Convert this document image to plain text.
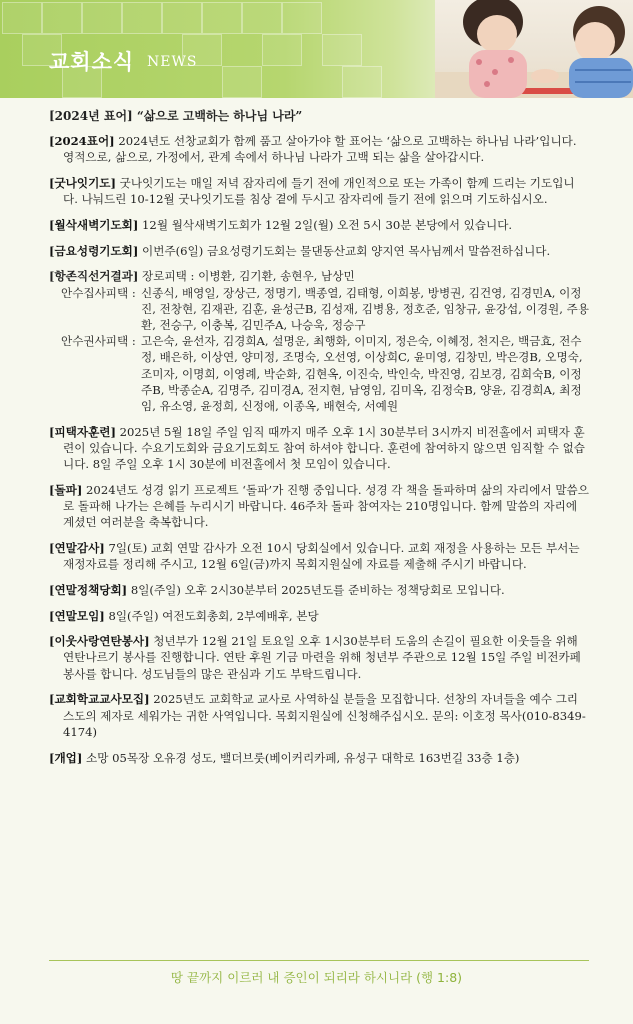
교회소식 NEWS
[2024년 표어] “삶으로 고백하는 하나님 나라”

[2024표어] 2024년도 선창교회가 함께 품고 살아가야 할 표어는 ‘삶으로 고백하는 하나님 나라’입니다. 영적으로, 삶으로, 가정에서, 관계 속에서 하나님 나라가 고백 되는 삶을 살아갑시다.

[굿나잇기도] 굿나잇기도는 매일 저녁 잠자리에 들기 전에 개인적으로 또는 가족이 함께 드리는 기도입니다. 나눠드린 10-12월 굿나잇기도를 침상 곁에 두시고 잠자리에 들기 전에 읽으며 기도하십시오.

[월삭새벽기도회] 12월 월삭새벽기도회가 12월 2일(월) 오전 5시 30분 본당에서 있습니다.

[금요성령기도회] 이번주(6일) 금요성령기도회는 물댄동산교회 양지연 목사님께서 말씀전하십니다.

[항존직선거결과] 장로피택 : 이병환, 김기환, 송현우, 남상민
안수집사피택 : 신종식, 배영일, 장상근, 정명기, 백종열, 김태형, 이희봉, 방병권, 김건영, 김경민A, 이정진, 전창현, 김재관, 김훈, 윤성근B, 김성재, 김병용, 정호준, 임창규, 윤강섭, 이경원, 주용환, 전승구, 이충복, 김민주A, 나승욱, 정승구
안수권사피택 : 고은숙, 윤선자, 김경희A, 설명운, 최행화, 이미지, 정은숙, 이혜정, 천지은, 백금효, 전수정, 배은하, 이상연, 양미정, 조명숙, 오선영, 이상희C, 윤미영, 김창민, 박은경B, 오명숙, 조미자, 이명희, 이영례, 박순화, 김현옥, 이진숙, 박인숙, 박진영, 김보경, 김희숙B, 이정주B, 박종순A, 김명주, 김미경A, 전지현, 남영임, 김미옥, 김정숙B, 양윤, 김경희A, 최정임, 유소영, 윤정희, 신정애, 이종옥, 배현숙, 서예원

[피택자훈련] 2025년 5월 18일 주일 임직 때까지 매주 오후 1시 30분부터 3시까지 비전홀에서 피택자 훈련이 있습니다. 수요기도회와 금요기도회도 참여 하셔야 합니다. 훈련에 참여하지 않으면 임직할 수 없습니다. 8일 주일 오후 1시 30분에 비전홀에서 첫 모임이 있습니다.

[돌파] 2024년도 성경 읽기 프로젝트 ‘돌파’가 진행 중입니다. 성경 각 책을 돌파하며 삶의 자리에서 말씀으로 돌파해 나가는 은혜를 누리시기 바랍니다. 46주차 돌파 참여자는 210명입니다. 함께 말씀의 자리에 계셨던 여러분을 축복합니다.

[연말감사] 7일(토) 교회 연말 감사가 오전 10시 당회실에서 있습니다. 교회 재정을 사용하는 모든 부서는 재정자료를 정리해 주시고, 12월 6일(금)까지 목회지원실에 자료를 제출해 주시기 바랍니다.

[연말정책당회] 8일(주일) 오후 2시30분부터 2025년도를 준비하는 정책당회로 모입니다.

[연말모임] 8일(주일) 여전도회총회, 2부예배후, 본당

[이웃사랑연탄봉사] 청년부가 12월 21일 토요일 오후 1시30분부터 도움의 손길이 필요한 이웃들을 위해 연탄나르기 봉사를 진행합니다. 연탄 후원 기금 마련을 위해 청년부 주관으로 12월 15일 주일 비전카페 봉사를 합니다. 성도님들의 많은 관심과 기도 부탁드립니다.

[교회학교교사모집] 2025년도 교회학교 교사로 사역하실 분들을 모집합니다. 선창의 자녀들을 예수 그리스도의 제자로 세워가는 귀한 사역입니다. 목회지원실에 신청해주십시오. 문의: 이호정 목사(010-8349-4174)

[개업] 소망 05목장 오유경 성도, 밸더브룻(베이커리카페, 유성구 대학로 163번길 33층 1층)

땅 끝까지 이르러 내 증인이 되리라 하시니라 (행 1:8)
